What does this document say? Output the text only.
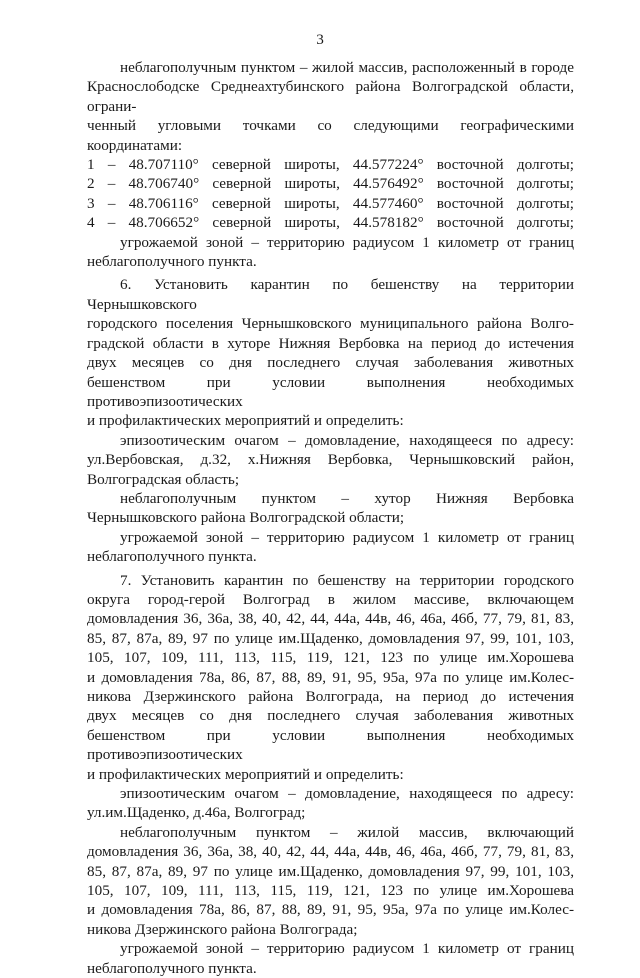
3

неблагополучным пунктом – жилой массив, расположенный в городе

Краснослободске Среднеахтубинского района Волгоградской области, ограни-

ченный угловыми точками со следующими географическими координатами:

1 – 48.707110° северной широты, 44.577224° восточной долготы;
2 – 48.706740° северной широты, 44.576492° восточной долготы;
3 – 48.706116° северной широты, 44.577460° восточной долготы;
4 – 48.706652° северной широты, 44.578182° восточной долготы;

угрожаемой зоной – территорию радиусом 1 километр от границ

неблагополучного пункта.

6. Установить карантин по бешенству на территории Чернышковского

городского поселения Чернышковского муниципального района Волго-

градской области в хуторе Нижняя Вербовка на период до истечения

двух месяцев со дня последнего случая заболевания животных

бешенством при условии выполнения необходимых противоэпизоотических

и профилактических мероприятий и определить:

эпизоотическим очагом – домовладение, находящееся по адресу:

ул.Вербовская, д.32, х.Нижняя Вербовка, Чернышковский район,

Волгоградская область;

неблагополучным пунктом – хутор Нижняя Вербовка

Чернышковского района Волгоградской области;

угрожаемой зоной – территорию радиусом 1 километр от границ

неблагополучного пункта.

7. Установить карантин по бешенству на территории городского

округа город-герой Волгоград в жилом массиве, включающем

домовладения 36, 36а, 38, 40, 42, 44, 44а, 44в, 46, 46а, 46б, 77, 79, 81, 83,

85, 87, 87а, 89, 97 по улице им.Щаденко, домовладения 97, 99, 101, 103,

105, 107, 109, 111, 113, 115, 119, 121, 123 по улице им.Хорошева

и домовладения 78а, 86, 87, 88, 89, 91, 95, 95а, 97а по улице им.Колес-

никова Дзержинского района Волгограда, на период до истечения

двух месяцев со дня последнего случая заболевания животных

бешенством при условии выполнения необходимых противоэпизоотических

и профилактических мероприятий и определить:

эпизоотическим очагом – домовладение, находящееся по адресу:

ул.им.Щаденко, д.46а, Волгоград;

неблагополучным пунктом – жилой массив, включающий

домовладения 36, 36а, 38, 40, 42, 44, 44а, 44в, 46, 46а, 46б, 77, 79, 81, 83,

85, 87, 87а, 89, 97 по улице им.Щаденко, домовладения 97, 99, 101, 103,

105, 107, 109, 111, 113, 115, 119, 121, 123 по улице им.Хорошева

и домовладения 78а, 86, 87, 88, 89, 91, 95, 95а, 97а по улице им.Колес-

никова Дзержинского района Волгограда;

угрожаемой зоной – территорию радиусом 1 километр от границ

неблагополучного пункта.
